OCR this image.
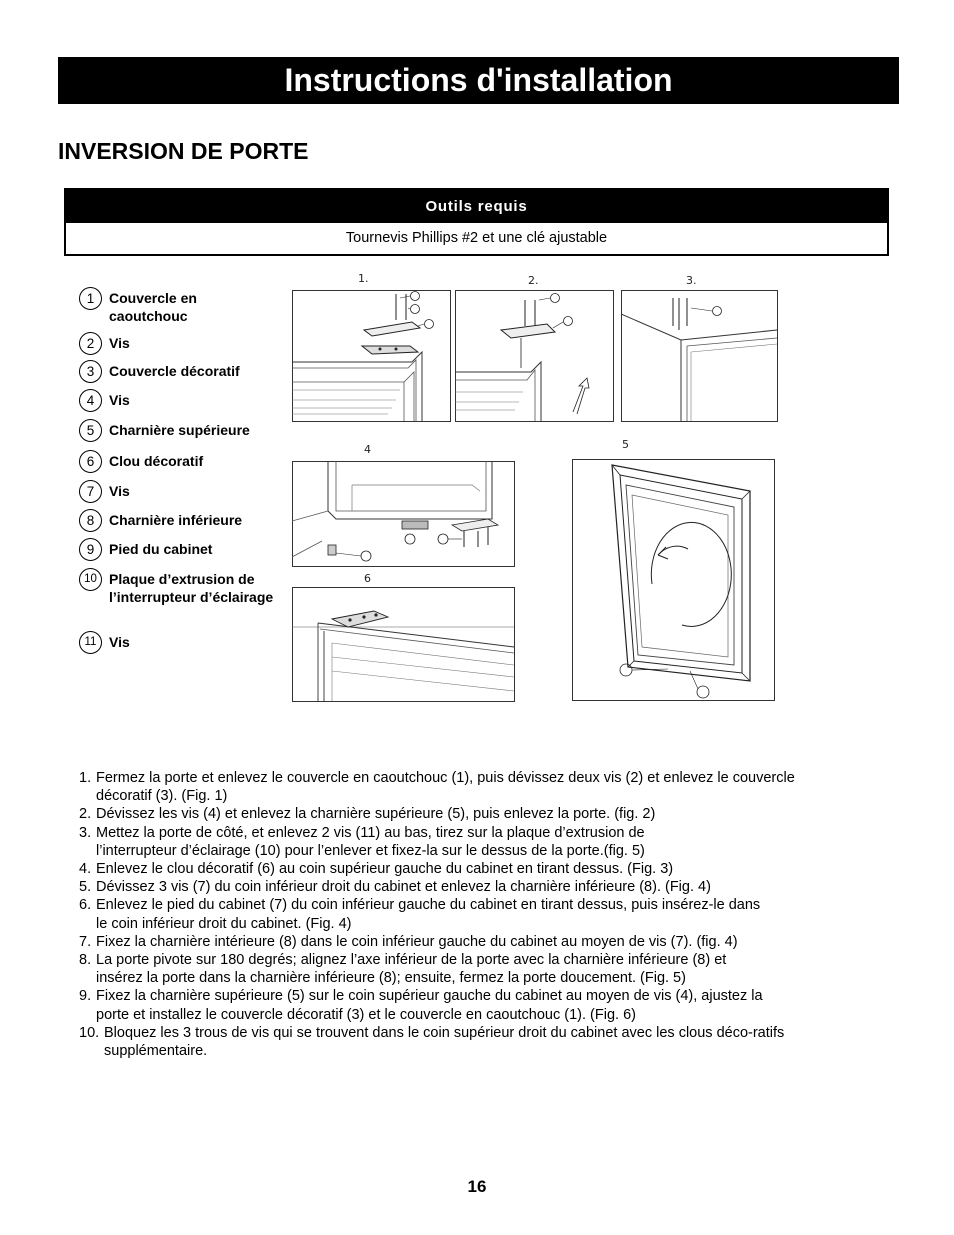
Instructions d'installation
INVERSION DE PORTE
Outils requis
Tournevis Phillips #2 et une clé ajustable
1	Couvercle en caoutchouc
2	Vis
3	Couvercle décoratif
4	Vis
5	Charnière supérieure
6	Clou décoratif
7	Vis
8	Charnière inférieure
9	Pied du cabinet
10 Plaque d’extrusion de l’interrupteur d’éclairage
11 Vis
1.	2.	3.
4	5
6
1. Fermez la porte et enlevez le couvercle en caoutchouc (1), puis dévissez deux vis (2) et enlevez le couvercle décoratif (3). (Fig. 1)
2. Dévissez les vis (4) et enlevez la charnière supérieure (5), puis enlevez la porte. (fig. 2)
3. Mettez la porte de côté, et enlevez 2 vis (11) au bas, tirez sur la plaque d’extrusion de l’interrupteur d’éclairage (10) pour l’enlever et fixez-la sur le dessus de la porte.(fig. 5)
4. Enlevez le clou décoratif (6) au coin supérieur gauche du cabinet en tirant dessus. (Fig. 3)
5. Dévissez 3 vis (7) du coin inférieur droit du cabinet et enlevez la charnière inférieure (8). (Fig. 4)
6. Enlevez le pied du cabinet (7) du coin inférieur gauche du cabinet en tirant dessus, puis insérez-le dans le coin inférieur droit du cabinet. (Fig. 4)
7. Fixez la charnière intérieure (8) dans le coin inférieur gauche du cabinet au moyen de vis (7). (fig. 4)
8. La porte pivote sur 180 degrés; alignez l’axe inférieur de la porte avec la charnière inférieure (8) et insérez la porte dans la charnière inférieure (8); ensuite, fermez la porte doucement. (Fig. 5)
9. Fixez la charnière supérieure (5) sur le coin supérieur gauche du cabinet au moyen de vis (4), ajustez la porte et installez le couvercle décoratif (3) et le couvercle en caoutchouc (1). (Fig. 6)
10. Bloquez les 3 trous de vis qui se trouvent dans le coin supérieur droit du cabinet avec les clous déco-ratifs supplémentaire.
16
